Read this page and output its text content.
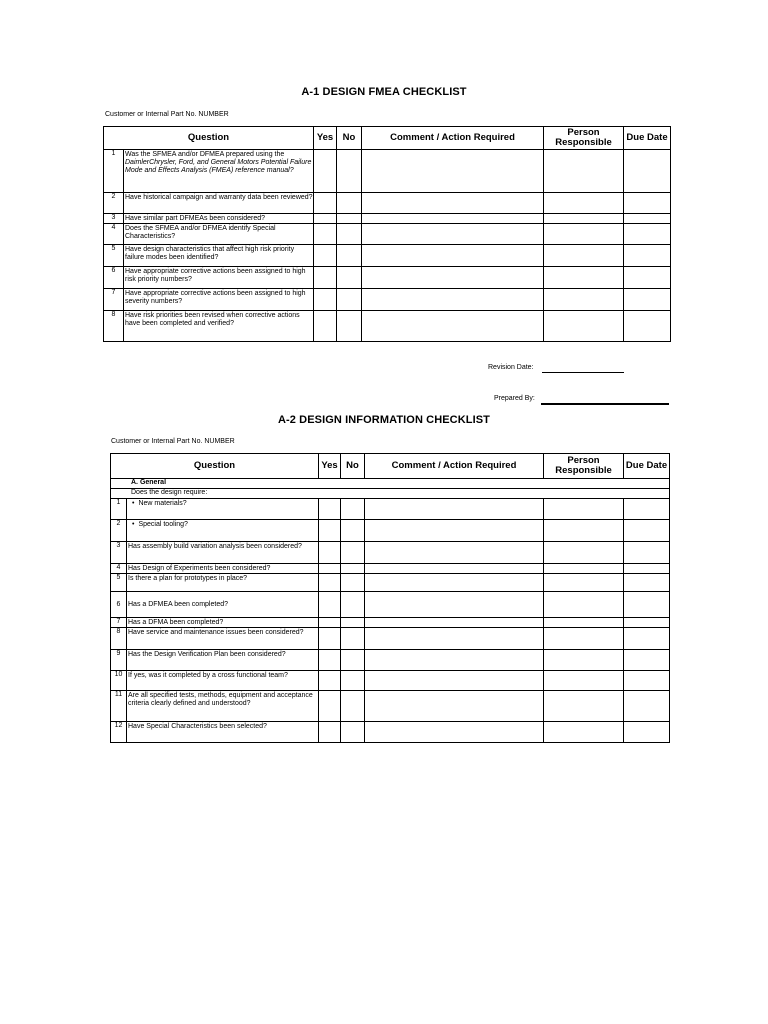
A-1 DESIGN FMEA CHECKLIST
Customer or Internal Part No. NUMBER
Question		Yes	No	Comment / Action Required	Person Responsible	Due Date
1	Was the SFMEA and/or DFMEA prepared using the DaimlerChrysler, Ford, and General Motors Potential Failure Mode and Effects Analysis (FMEA) reference manual?					
2	Have historical campaign and warranty data been reviewed?					
3	Have similar part DFMEAs been considered?					
4	Does the SFMEA and/or DFMEA identify Special Characteristics?					
5	Have design characteristics that affect high risk priority failure modes been identified?					
6	Have appropriate corrective actions been assigned to high risk priority numbers?					
7	Have appropriate corrective actions been assigned to high severity numbers?					
8	Have risk priorities been revised when corrective actions have been completed and verified?					
Revision Date:
Prepared By:
A-2 DESIGN INFORMATION CHECKLIST
Customer or Internal Part No. NUMBER
Question		Yes	No	Comment / Action Required	Person Responsible	Due Date
A. General						
Does the design require:						
1	• New materials?					
2	• Special tooling?					
3	Has assembly build variation analysis been considered?					
4	Has Design of Experiments been considered?					
5	Is there a plan for prototypes in place?					
6	Has a DFMEA been completed?					
7	Has a DFMA been completed?					
8	Have service and maintenance issues been considered?					
9	Has the Design Verification Plan been considered?					
10	If yes, was it completed by a cross functional team?					
11	Are all specified tests, methods, equipment and acceptance criteria clearly defined and understood?					
12	Have Special Characteristics been selected?					
